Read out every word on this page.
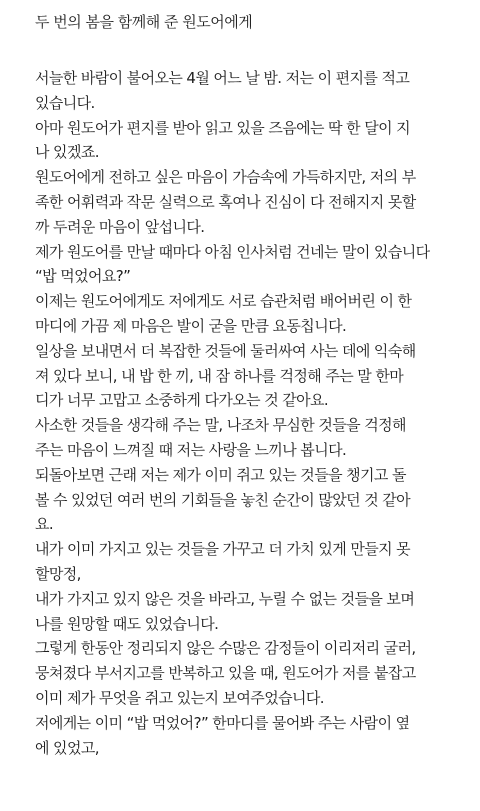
두 번의 봄을 함께해 준 원도어에게

서늘한 바람이 불어오는 4월 어느 날 밤. 저는 이 편지를 적고

있습니다.

아마 원도어가 편지를 받아 읽고 있을 즈음에는 딱 한 달이 지

나 있겠죠.

원도어에게 전하고 싶은 마음이 가슴속에 가득하지만, 저의 부

족한 어휘력과 작문 실력으로 혹여나 진심이 다 전해지지 못할

까 두려운 마음이 앞섭니다.

제가 원도어를 만날 때마다 아침 인사처럼 건네는 말이 있습니다

“밥 먹었어요?”

이제는 원도어에게도 저에게도 서로 습관처럼 배어버린 이 한

마디에 가끔 제 마음은 발이 굳을 만큼 요동칩니다.

일상을 보내면서 더 복잡한 것들에 둘러싸여 사는 데에 익숙해

져 있다 보니, 내 밥 한 끼, 내 잠 하나를 걱정해 주는 말 한마

디가 너무 고맙고 소중하게 다가오는 것 같아요.

사소한 것들을 생각해 주는 말, 나조차 무심한 것들을 걱정해

주는 마음이 느껴질 때 저는 사랑을 느끼나 봅니다.

되돌아보면 근래 저는 제가 이미 쥐고 있는 것들을 챙기고 돌

볼 수 있었던 여러 번의 기회들을 놓친 순간이 많았던 것 같아

요.

내가 이미 가지고 있는 것들을 가꾸고 더 가치 있게 만들지 못

할망정,

내가 가지고 있지 않은 것을 바라고, 누릴 수 없는 것들을 보며

나를 원망할 때도 있었습니다.

그렇게 한동안 정리되지 않은 수많은 감정들이 이리저리 굴러,

뭉쳐졌다 부서지고를 반복하고 있을 때, 원도어가 저를 붙잡고

이미 제가 무엇을 쥐고 있는지 보여주었습니다.

저에게는 이미 “밥 먹었어?” 한마디를 물어봐 주는 사람이 옆

에 있었고,
